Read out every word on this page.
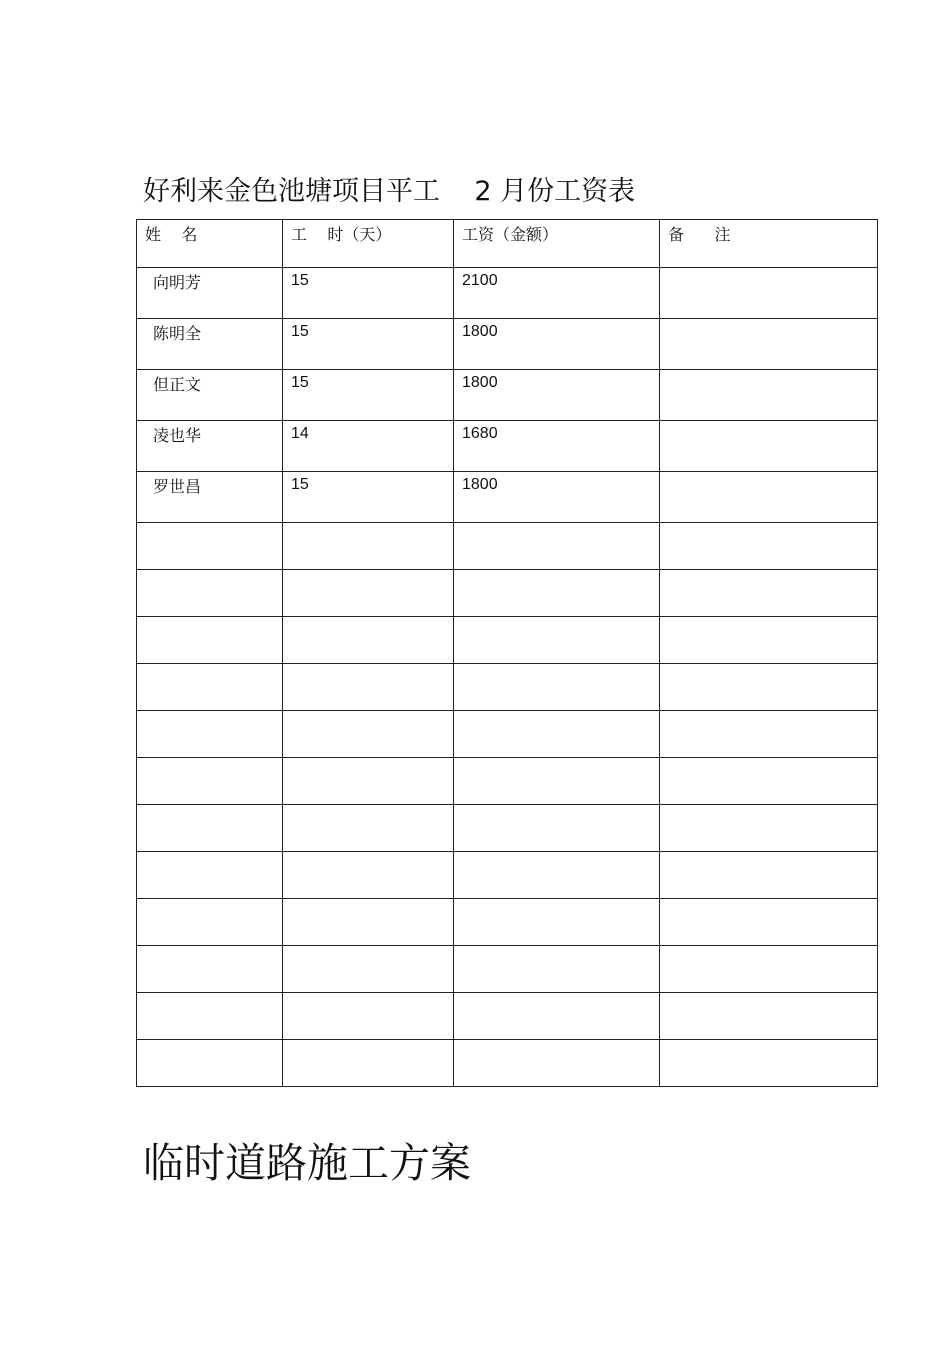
好利来金色池塘项目平工    2 月份工资表
姓    名	工    时（天）	工资（金额）	备      注
向明芳	15	2100	
陈明全	15	1800	
但正文	15	1800	
凌也华	14	1680	
罗世昌	15	1800	

临时道路施工方案
